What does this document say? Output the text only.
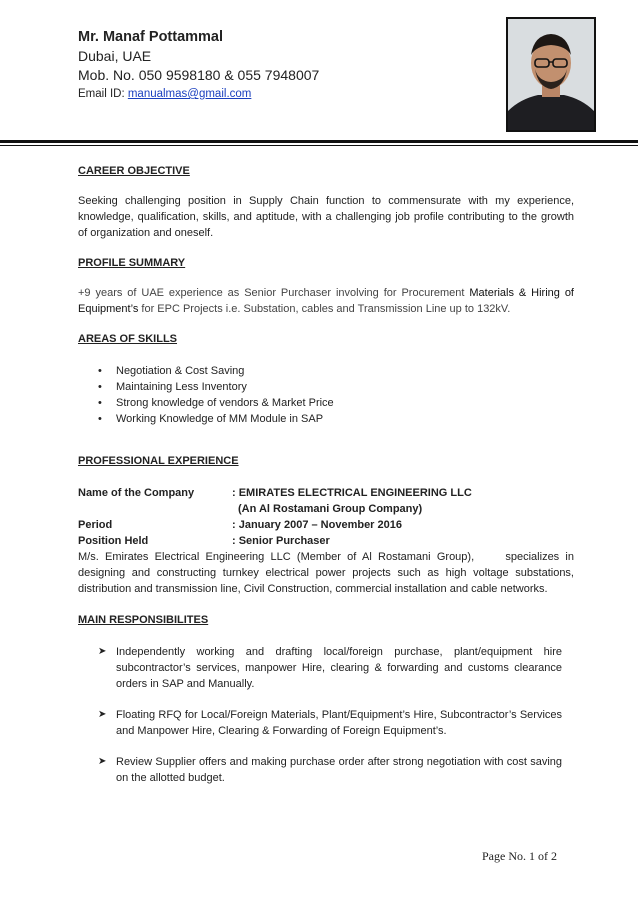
Mr. Manaf Pottammal

Dubai, UAE

Mob. No. 050 9598180 & 055 7948007

Email ID: manualmas@gmail.com

CAREER OBJECTIVE

Seeking challenging position in Supply Chain function to commensurate with my experience, knowledge, qualification, skills, and aptitude, with a challenging job profile contributing to the growth of organization and oneself.

PROFILE SUMMARY

+9 years of UAE experience as Senior Purchaser involving for Procurement Materials & Hiring of Equipment’s for EPC Projects i.e. Substation, cables and Transmission Line up to 132kV.

AREAS OF SKILLS

• Negotiation & Cost Saving
• Maintaining Less Inventory
• Strong knowledge of vendors & Market Price
• Working Knowledge of MM Module in SAP

PROFESSIONAL EXPERIENCE

Name of the Company	: EMIRATES ELECTRICAL ENGINEERING LLC
(An Al Rostamani Group Company)
Period	: January 2007 – November 2016
Position Held	: Senior Purchaser

M/s. Emirates Electrical Engineering LLC (Member of Al Rostamani Group),     specializes in designing and constructing turnkey electrical power projects such as high voltage substations, distribution and transmission line, Civil Construction, commercial installation and cable networks.

MAIN RESPONSIBILITES

➤ Independently working and drafting local/foreign purchase, plant/equipment hire subcontractor’s services, manpower Hire, clearing & forwarding and customs clearance orders in SAP and Manually.
➤ Floating RFQ for Local/Foreign Materials, Plant/Equipment’s Hire, Subcontractor’s Services and Manpower Hire, Clearing & Forwarding of Foreign Equipment’s.
➤ Review Supplier offers and making purchase order after strong negotiation with cost saving on the allotted budget.
Page No. 1 of 2
